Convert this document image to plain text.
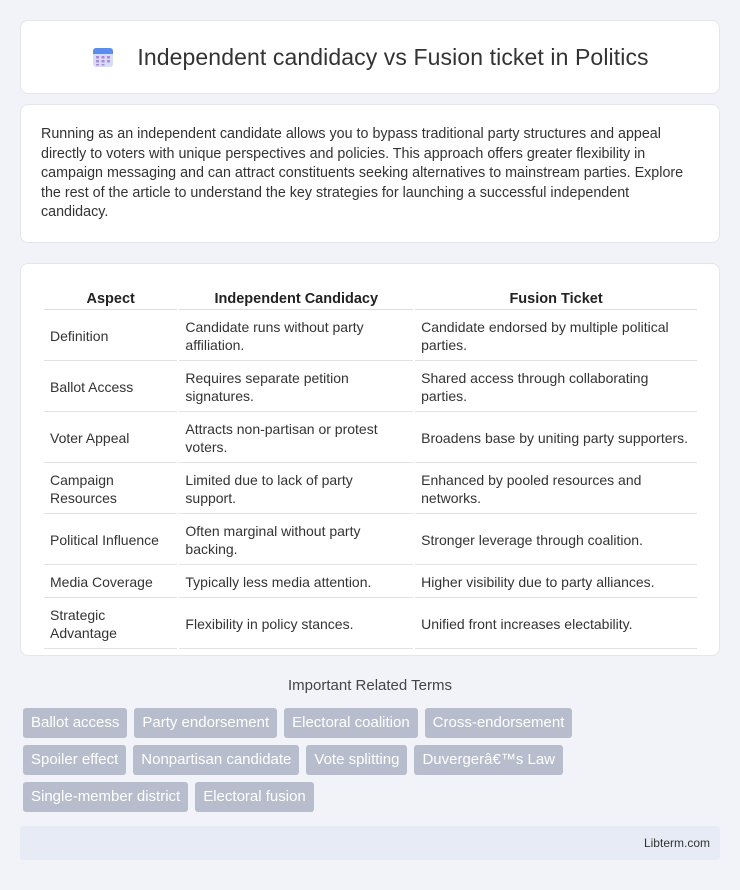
Independent candidacy vs Fusion ticket in Politics

Running as an independent candidate allows you to bypass traditional party structures and appeal directly to voters with unique perspectives and policies. This approach offers greater flexibility in campaign messaging and can attract constituents seeking alternatives to mainstream parties. Explore the rest of the article to understand the key strategies for launching a successful independent candidacy.

Aspect	Independent Candidacy	Fusion Ticket
Definition	Candidate runs without party affiliation.	Candidate endorsed by multiple political parties.
Ballot Access	Requires separate petition signatures.	Shared access through collaborating parties.
Voter Appeal	Attracts non-partisan or protest voters.	Broadens base by uniting party supporters.
Campaign Resources	Limited due to lack of party support.	Enhanced by pooled resources and networks.
Political Influence	Often marginal without party backing.	Stronger leverage through coalition.
Media Coverage	Typically less media attention.	Higher visibility due to party alliances.
Strategic Advantage	Flexibility in policy stances.	Unified front increases electability.
Important Related Terms
Ballot access	Party endorsement	Electoral coalition	Cross-endorsement
Spoiler effect	Nonpartisan candidate	Vote splitting	Duvergerâ€™s Law
Single-member district	Electoral fusion
Libterm.com
